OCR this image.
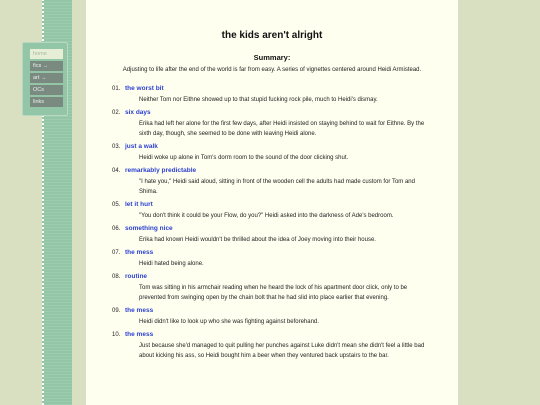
home
fics →
art →
OCs
links
the kids aren't alright
Summary:
Adjusting to life after the end of the world is far from easy. A series of vignettes centered around Heidi Armistead.
01. the worst bit
Neither Tom nor Eithne showed up to that stupid fucking rock pile, much to Heidi's dismay.
02. six days
Erika had left her alone for the first few days, after Heidi insisted on staying behind to wait for Eithne. By the sixth day, though, she seemed to be done with leaving Heidi alone.
03. just a walk
Heidi woke up alone in Tom's dorm room to the sound of the door clicking shut.
04. remarkably predictable
"I hate you," Heidi said aloud, sitting in front of the wooden cell the adults had made custom for Tom and Shima.
05. let it hurt
"You don't think it could be your Flow, do you?" Heidi asked into the darkness of Ade's bedroom.
06. something nice
Erika had known Heidi wouldn't be thrilled about the idea of Joey moving into their house.
07. the mess
Heidi hated being alone.
08. routine
Tom was sitting in his armchair reading when he heard the lock of his apartment door click, only to be prevented from swinging open by the chain bolt that he had slid into place earlier that evening.
09. the mess
Heidi didn't like to look up who she was fighting against beforehand.
10. the mess
Just because she'd managed to quit pulling her punches against Luke didn't mean she didn't feel a little bad about kicking his ass, so Heidi bought him a beer when they ventured back upstairs to the bar.
